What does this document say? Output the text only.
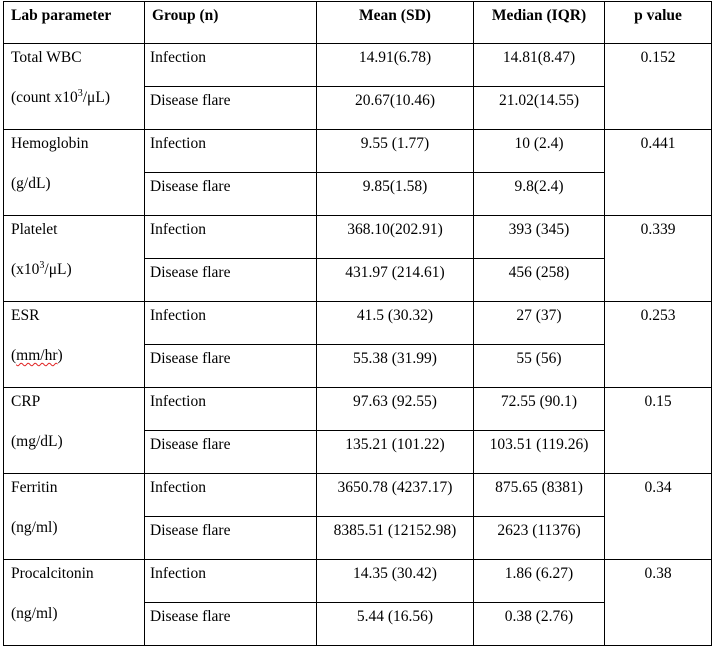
Lab parameter	Group (n)	Mean (SD)	Median (IQR)	p value
Total WBC
(count $x10^3/\mu L$)	Infection	14.91(6.78)	14.81(8.47)	0.152
	Disease flare	20.67(10.46)	21.02(14.55)	
Hemoglobin
(g/dL)	Infection	9.55 (1.77)	10 (2.4)	0.441
	Disease flare	9.85(1.58)	9.8(2.4)	
Platelet
$(x10^3/\mu L)$	Infection	368.10(202.91)	393 (345)	0.339
	Disease flare	431.97 (214.61)	456 (258)	
ESR
(mm/hr)	Infection	41.5 (30.32)	27 (37)	0.253
	Disease flare	55.38 (31.99)	55 (56)	
CRP
(mg/dL)	Infection	97.63 (92.55)	72.55 (90.1)	0.15
	Disease flare	135.21 (101.22)	103.51 (119.26)	
Ferritin
(ng/ml)	Infection	3650.78 (4237.17)	875.65 (8381)	0.34
	Disease flare	8385.51 (12152.98)	2623 (11376)	
Procalcitonin
(ng/ml)	Infection	14.35 (30.42)	1.86 (6.27)	0.38
	Disease flare	5.44 (16.56)	0.38 (2.76)	
